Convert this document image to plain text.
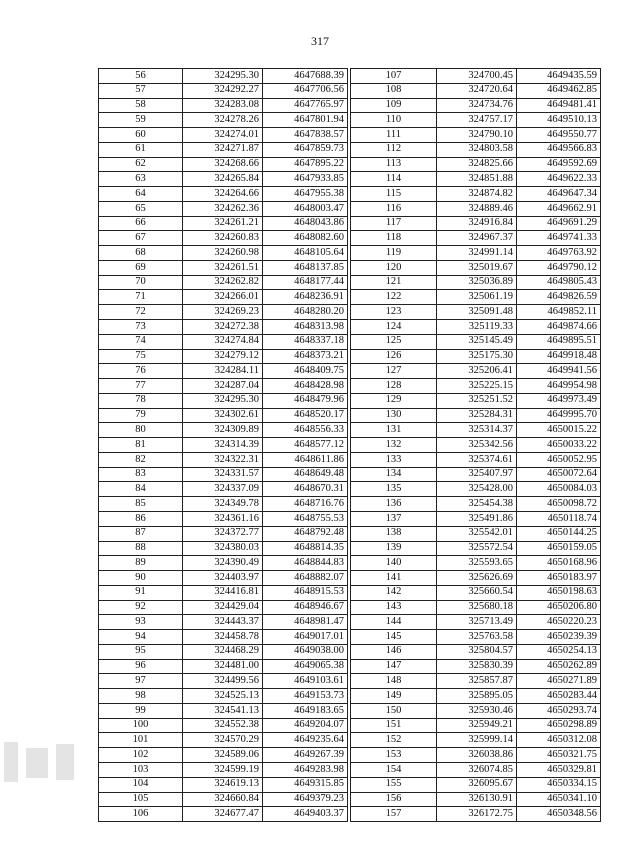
317
56	324295.30	4647688.39
57	324292.27	4647706.56
58	324283.08	4647765.97
59	324278.26	4647801.94
60	324274.01	4647838.57
61	324271.87	4647859.73
62	324268.66	4647895.22
63	324265.84	4647933.85
64	324264.66	4647955.38
65	324262.36	4648003.47
66	324261.21	4648043.86
67	324260.83	4648082.60
68	324260.98	4648105.64
69	324261.51	4648137.85
70	324262.82	4648177.44
71	324266.01	4648236.91
72	324269.23	4648280.20
73	324272.38	4648313.98
74	324274.84	4648337.18
75	324279.12	4648373.21
76	324284.11	4648409.75
77	324287.04	4648428.98
78	324295.30	4648479.96
79	324302.61	4648520.17
80	324309.89	4648556.33
81	324314.39	4648577.12
82	324322.31	4648611.86
83	324331.57	4648649.48
84	324337.09	4648670.31
85	324349.78	4648716.76
86	324361.16	4648755.53
87	324372.77	4648792.48
88	324380.03	4648814.35
89	324390.49	4648844.83
90	324403.97	4648882.07
91	324416.81	4648915.53
92	324429.04	4648946.67
93	324443.37	4648981.47
94	324458.78	4649017.01
95	324468.29	4649038.00
96	324481.00	4649065.38
97	324499.56	4649103.61
98	324525.13	4649153.73
99	324541.13	4649183.65
100	324552.38	4649204.07
101	324570.29	4649235.64
102	324589.06	4649267.39
103	324599.19	4649283.98
104	324619.13	4649315.85
105	324660.84	4649379.23
106	324677.47	4649403.37
107	324700.45	4649435.59
108	324720.64	4649462.85
109	324734.76	4649481.41
110	324757.17	4649510.13
111	324790.10	4649550.77
112	324803.58	4649566.83
113	324825.66	4649592.69
114	324851.88	4649622.33
115	324874.82	4649647.34
116	324889.46	4649662.91
117	324916.84	4649691.29
118	324967.37	4649741.33
119	324991.14	4649763.92
120	325019.67	4649790.12
121	325036.89	4649805.43
122	325061.19	4649826.59
123	325091.48	4649852.11
124	325119.33	4649874.66
125	325145.49	4649895.51
126	325175.30	4649918.48
127	325206.41	4649941.56
128	325225.15	4649954.98
129	325251.52	4649973.49
130	325284.31	4649995.70
131	325314.37	4650015.22
132	325342.56	4650033.22
133	325374.61	4650052.95
134	325407.97	4650072.64
135	325428.00	4650084.03
136	325454.38	4650098.72
137	325491.86	4650118.74
138	325542.01	4650144.25
139	325572.54	4650159.05
140	325593.65	4650168.96
141	325626.69	4650183.97
142	325660.54	4650198.63
143	325680.18	4650206.80
144	325713.49	4650220.23
145	325763.58	4650239.39
146	325804.57	4650254.13
147	325830.39	4650262.89
148	325857.87	4650271.89
149	325895.05	4650283.44
150	325930.46	4650293.74
151	325949.21	4650298.89
152	325999.14	4650312.08
153	326038.86	4650321.75
154	326074.85	4650329.81
155	326095.67	4650334.15
156	326130.91	4650341.10
157	326172.75	4650348.56
